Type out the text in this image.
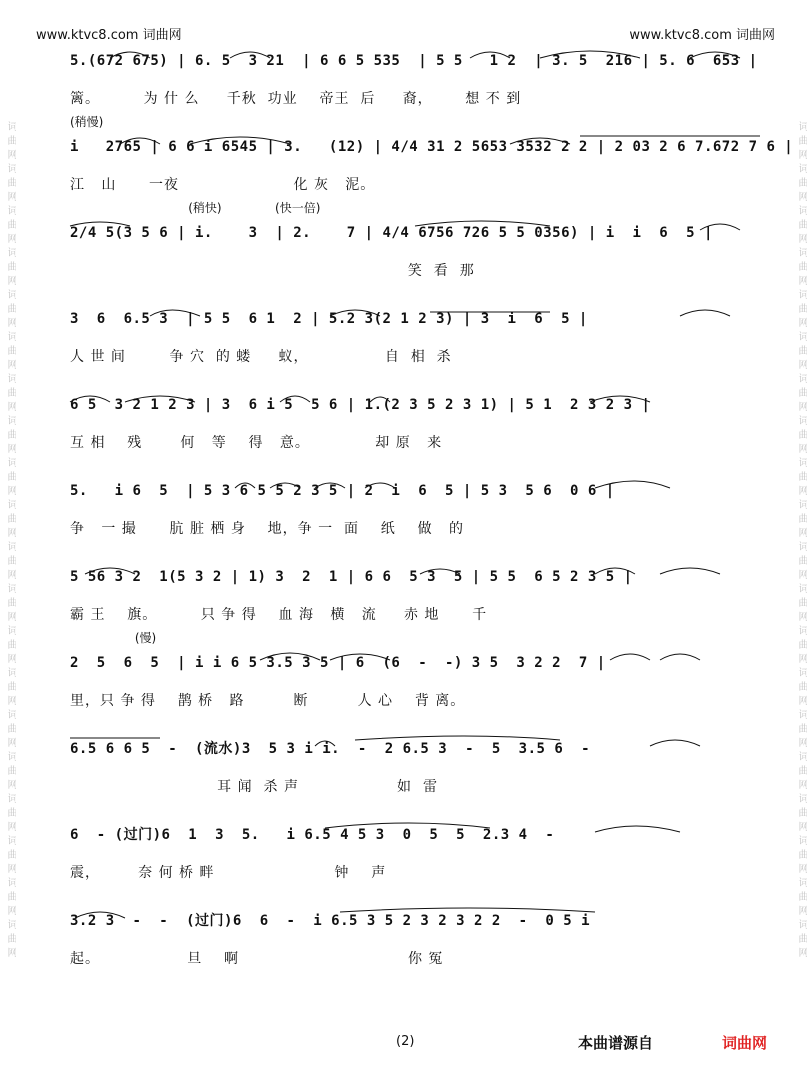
词曲网词曲网词曲网词曲网词曲网词曲网词曲网词曲网词曲网词曲网词曲网词曲网词曲网词曲网词曲网词曲网词曲网词曲网词曲网词曲网	词曲网词曲网词曲网词曲网词曲网词曲网词曲网词曲网词曲网词曲网词曲网词曲网词曲网词曲网词曲网词曲网词曲网词曲网词曲网词曲网
www.ktvc8.com 词曲网	www.ktvc8.com 词曲网
5.(672 675) | 6. 5  3 21  | 6 6 5 535  | 5 5   1 2  | 3. 5  216 | 5. 6  653 |
篱。        为 什 么     千秋  功业    帝王  后     裔，      想 不 到
(稍慢)
i   2765 | 6 6 i 6545 | 3.   (12) | 4/4 31 2 5653 3532 2 2 | 2 03 2 6 7.672 7 6 |
江   山      一夜                     化 灰   泥。
(稍快)              (快一倍)
2/4 5(3 5 6 | i.    3  | 2.    7 | 4/4 6756 726 5 5 0356) | i  i  6  5 |
笑  看  那
3  6  6.5 3  | 5 5  6 1  2 | 5.2 3(2 1 2 3) | 3  i  6  5 |
人 世 间        争 穴  的 蝼     蚁，              自  相  杀
6 5  3 2 1 2 3 | 3  6 i 5  5 6 | 1.(2 3 5 2 3 1) | 5 1  2 3 2 3 |
互 相    残       何   等    得   意。            却 原   来
5.   i 6  5  | 5 3 6 5 5 2 3 5 | 2  i  6  5 | 5 3  5 6  0 6 |
争   一 撮      肮 脏 栖 身    地，争 一  面    纸    做   的
5 56 3 2  1(5 3 2 | 1) 3  2  1 | 6 6  5 3  5 | 5 5  6 5 2 3 5 |
霸 王    旗。        只 争 得    血 海   横   流     赤 地      千
(慢)
2  5  6  5  | i i 6 5 3.5 3 5 | 6  (6  -  -) 3 5  3 2 2  7 |
里，只 争 得    鹊 桥   路         断         人 心    背 离。
6.5 6 6 5  -  (流水)3  5 3 i i.  -  2 6.5 3  -  5  3.5 6  -
耳 闻  杀 声                  如  雷
6  - (过门)6  1  3  5.   i 6.5 4 5 3  0  5  5  2.3 4  -
震，       奈 何 桥 畔                      钟    声
3.2 3  -  -  (过门)6  6  -  i 6.5 3 5 2 3 2 3 2 2  -  0 5 i
起。                旦    啊                               你 冤
(2)	本曲谱源自	词曲网
